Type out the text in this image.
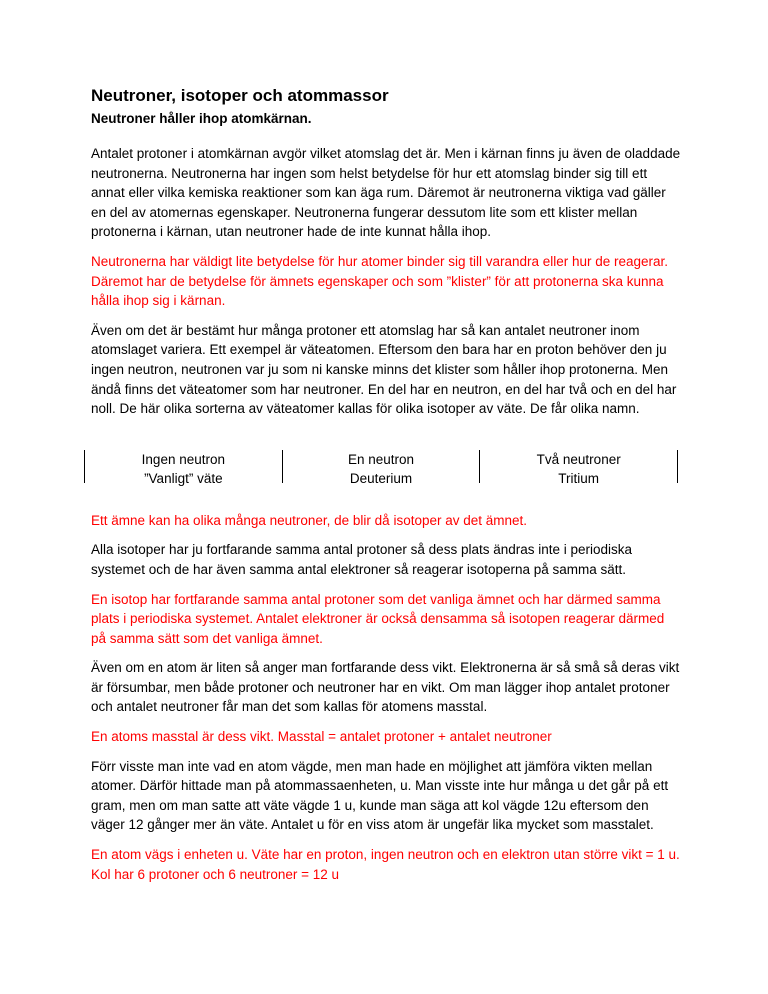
Neutroner, isotoper och atommassor
Neutroner håller ihop atomkärnan.

Antalet protoner i atomkärnan avgör vilket atomslag det är. Men i kärnan finns ju även de oladdade neutronerna. Neutronerna har ingen som helst betydelse för hur ett atomslag binder sig till ett annat eller vilka kemiska reaktioner som kan äga rum. Däremot är neutronerna viktiga vad gäller en del av atomernas egenskaper. Neutronerna fungerar dessutom lite som ett klister mellan protonerna i kärnan, utan neutroner hade de inte kunnat hålla ihop.

Neutronerna har väldigt lite betydelse för hur atomer binder sig till varandra eller hur de reagerar. Däremot har de betydelse för ämnets egenskaper och som ”klister” för att protonerna ska kunna hålla ihop sig i kärnan.

Även om det är bestämt hur många protoner ett atomslag har så kan antalet neutroner inom atomslaget variera. Ett exempel är väteatomen. Eftersom den bara har en proton behöver den ju ingen neutron, neutronen var ju som ni kanske minns det klister som håller ihop protonerna. Men ändå finns det väteatomer som har neutroner. En del har en neutron, en del har två och en del har noll. De här olika sorterna av väteatomer kallas för olika isotoper av väte. De får olika namn.

Ingen neutron
”Vanligt” väte
En neutron
Deuterium
Två neutroner
Tritium

Ett ämne kan ha olika många neutroner, de blir då isotoper av det ämnet.

Alla isotoper har ju fortfarande samma antal protoner så dess plats ändras inte i periodiska systemet och de har även samma antal elektroner så reagerar isotoperna på samma sätt.

En isotop har fortfarande samma antal protoner som det vanliga ämnet och har därmed samma plats i periodiska systemet. Antalet elektroner är också densamma så isotopen reagerar därmed på samma sätt som det vanliga ämnet.

Även om en atom är liten så anger man fortfarande dess vikt. Elektronerna är så små så deras vikt är försumbar, men både protoner och neutroner har en vikt. Om man lägger ihop antalet protoner och antalet neutroner får man det som kallas för atomens masstal.

En atoms masstal är dess vikt. Masstal = antalet protoner + antalet neutroner

Förr visste man inte vad en atom vägde, men man hade en möjlighet att jämföra vikten mellan atomer. Därför hittade man på atommassaenheten, u. Man visste inte hur många u det går på ett gram, men om man satte att väte vägde 1 u, kunde man säga att kol vägde 12u eftersom den väger 12 gånger mer än väte. Antalet u för en viss atom är ungefär lika mycket som masstalet.

En atom vägs i enheten u. Väte har en proton, ingen neutron och en elektron utan större vikt = 1 u. Kol har 6 protoner och 6 neutroner = 12 u
